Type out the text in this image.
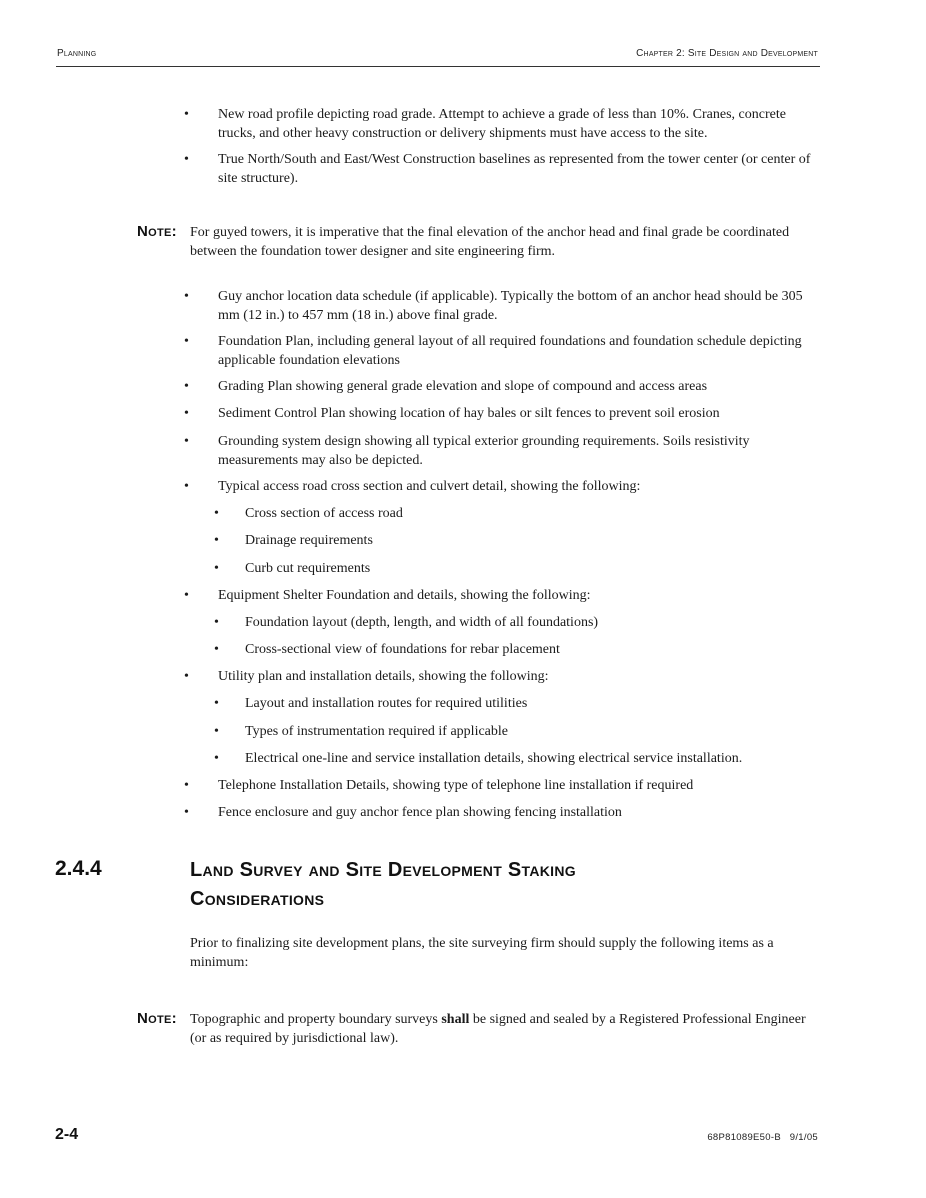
Planning	Chapter 2: Site Design and Development
• New road profile depicting road grade. Attempt to achieve a grade of less than 10%. Cranes, concrete trucks, and other heavy construction or delivery shipments must have access to the site.
• True North/South and East/West Construction baselines as represented from the tower center (or center of site structure).
Note: For guyed towers, it is imperative that the final elevation of the anchor head and final grade be coordinated between the foundation tower designer and site engineering firm.
• Guy anchor location data schedule (if applicable). Typically the bottom of an anchor head should be 305 mm (12 in.) to 457 mm (18 in.) above final grade.
• Foundation Plan, including general layout of all required foundations and foundation schedule depicting applicable foundation elevations
• Grading Plan showing general grade elevation and slope of compound and access areas
• Sediment Control Plan showing location of hay bales or silt fences to prevent soil erosion
• Grounding system design showing all typical exterior grounding requirements. Soils resistivity measurements may also be depicted.
• Typical access road cross section and culvert detail, showing the following:
• Cross section of access road
• Drainage requirements
• Curb cut requirements
• Equipment Shelter Foundation and details, showing the following:
• Foundation layout (depth, length, and width of all foundations)
• Cross-sectional view of foundations for rebar placement
• Utility plan and installation details, showing the following:
• Layout and installation routes for required utilities
• Types of instrumentation required if applicable
• Electrical one-line and service installation details, showing electrical service installation.
• Telephone Installation Details, showing type of telephone line installation if required
• Fence enclosure and guy anchor fence plan showing fencing installation
2.4.4	Land Survey and Site Development Staking
Considerations
Prior to finalizing site development plans, the site surveying firm should supply the following items as a minimum:
Note: Topographic and property boundary surveys shall be signed and sealed by a Registered Professional Engineer (or as required by jurisdictional law).
2-4	68P81089E50-B 9/1/05
